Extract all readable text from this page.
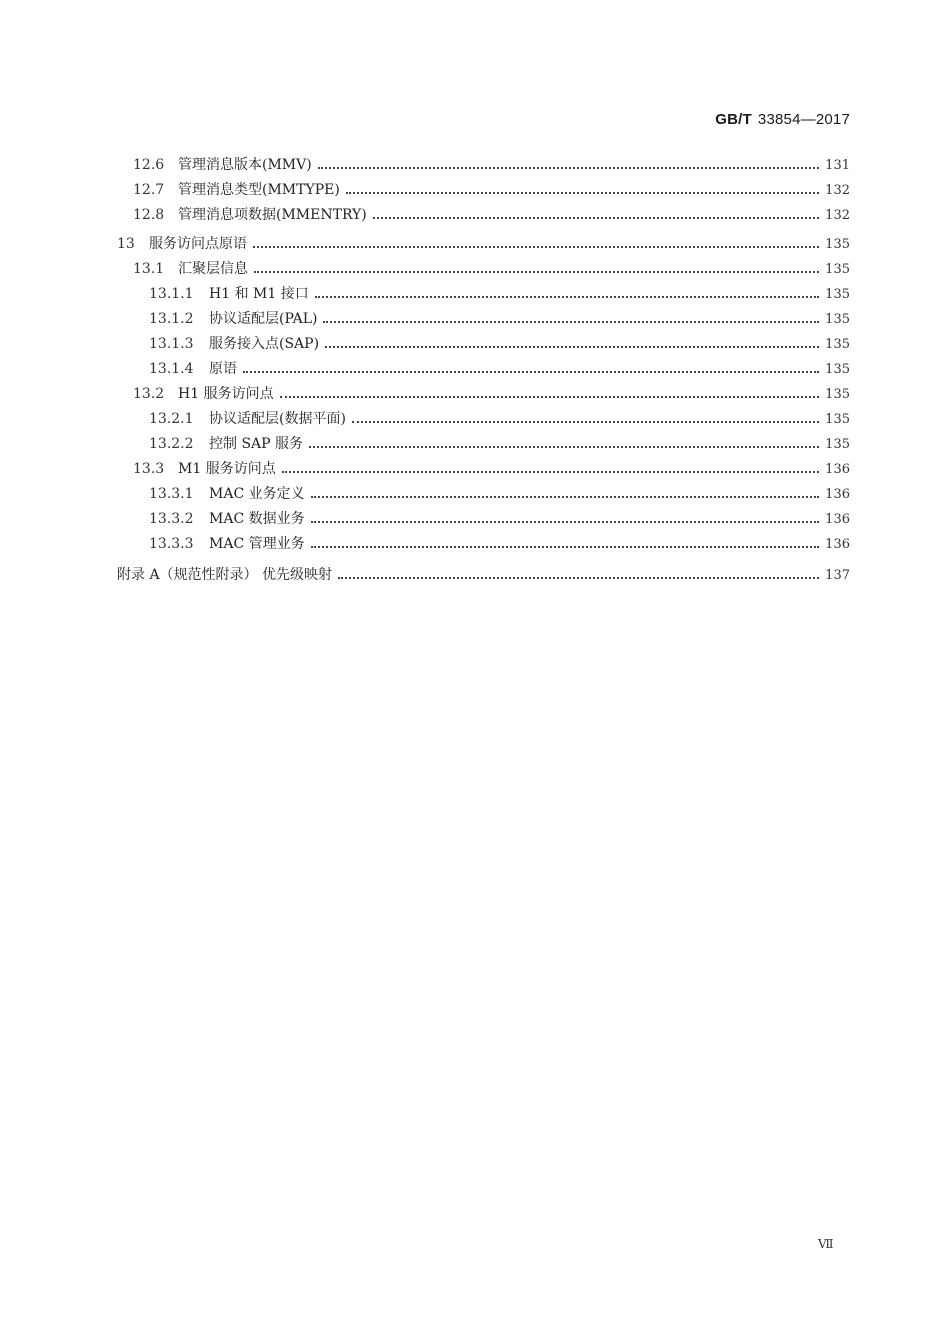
GB/T 33854—2017
12.6 管理消息版本(MMV)	131
12.7 管理消息类型(MMTYPE)	132
12.8 管理消息项数据(MMENTRY)	132
13	服务访问点原语	135
13.1 汇聚层信息	135
13.1.1	H1 和 M1 接口	135
13.1.2	协议适配层(PAL)	135
13.1.3	服务接入点(SAP)	135
13.1.4	原语	135
13.2 H1 服务访问点	135
13.2.1	协议适配层(数据平面)	135
13.2.2	控制 SAP 服务	135
13.3 M1 服务访问点	136
13.3.1	MAC 业务定义	136
13.3.2	MAC 数据业务	136
13.3.3	MAC 管理业务	136
附录 A（规范性附录） 优先级映射	137
Ⅶ
